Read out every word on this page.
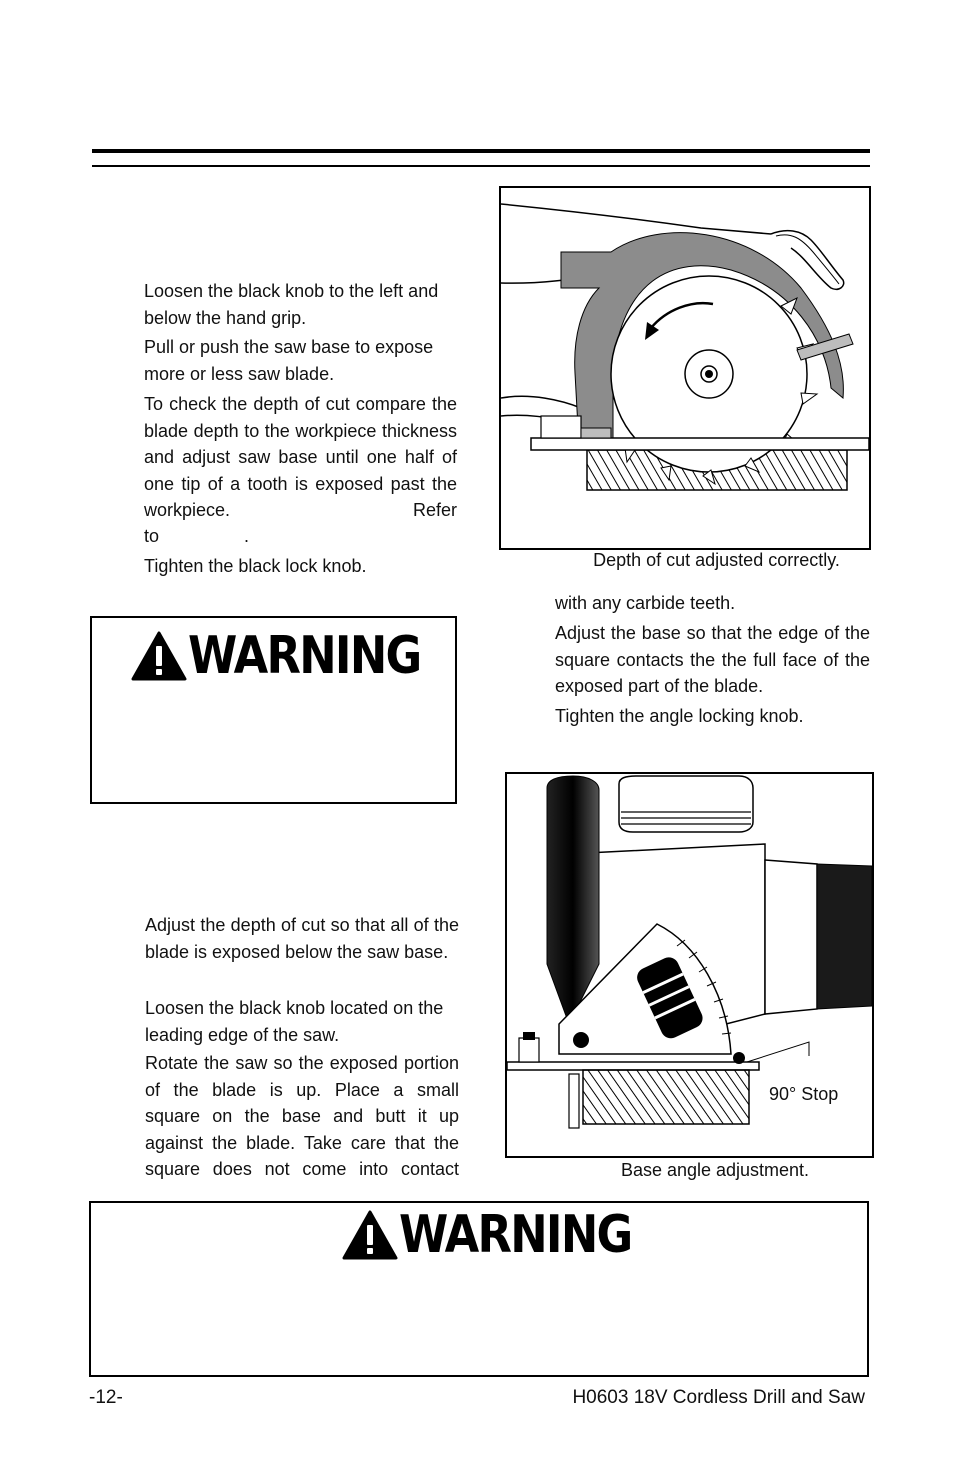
Loosen the black knob to the left and below the hand grip.

Pull or push the saw base to expose more or less saw blade.

To check the depth of cut compare the blade depth to the workpiece thickness and adjust saw base until one half of one tip of a tooth is exposed past the workpiece. Refer

to                 .

Tighten the black lock knob.

WARNING

Adjust the depth of cut so that all of the blade is exposed below the saw base.

Loosen the black knob located on the leading edge of the saw.

Rotate the saw so the exposed portion of the blade is up. Place a small square on the base and butt it up against the blade. Take care that the square does not come into contact

Depth of cut adjusted correctly.

with any carbide teeth.

Adjust the base so that the edge of the square contacts the the full face of the exposed part of the blade.

Tighten the angle locking knob.

90° Stop
Base angle adjustment.
WARNING
-12-	H0603 18V Cordless Drill and Saw
